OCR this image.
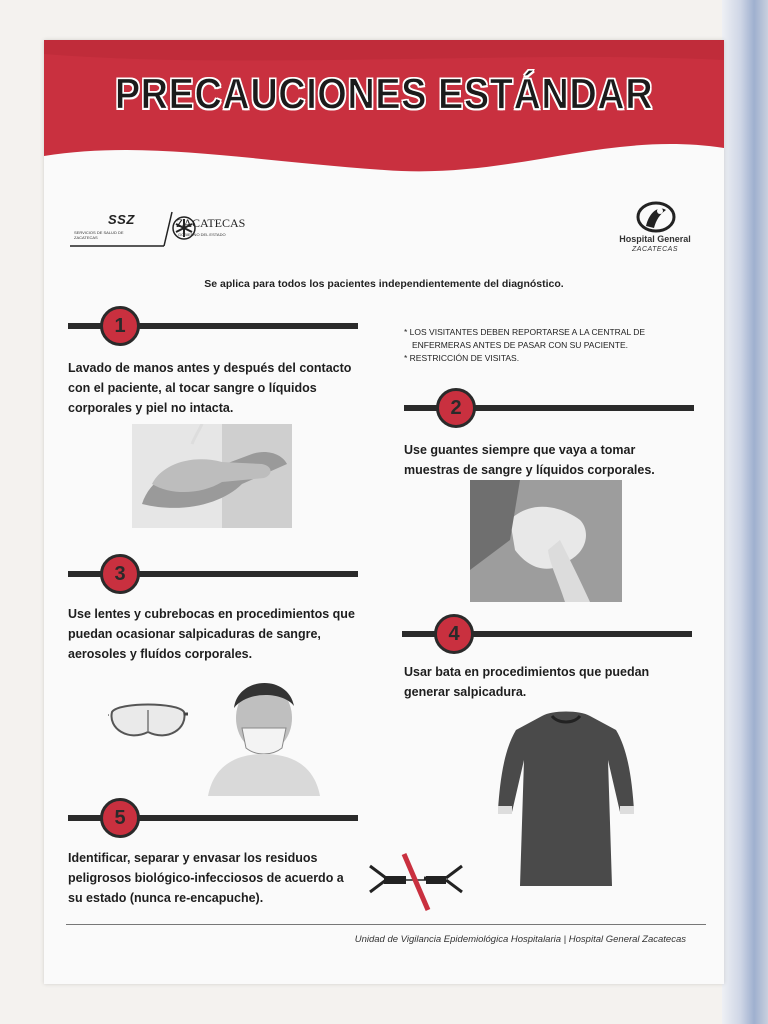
PRECAUCIONES ESTÁNDAR
SSZ
SERVICIOS DE SALUD DE ZACATECAS
ZACATECAS
GOBIERNO DEL ESTADO	Hospital General
ZACATECAS
Se aplica para todos los pacientes independientemente del diagnóstico.
* LOS VISITANTES DEBEN REPORTARSE A LA CENTRAL DE ENFERMERAS ANTES DE PASAR CON SU PACIENTE.
* RESTRICCIÓN DE VISITAS.
1
Lavado de manos antes y después del contacto
con el paciente, al tocar sangre o líquidos
corporales y piel no intacta.	2
Use guantes siempre que vaya a tomar
muestras de sangre y líquidos corporales.
3
Use lentes y cubrebocas en procedimientos que
puedan ocasionar salpicaduras de sangre,
aerosoles y fluídos corporales.
4
Usar bata en procedimientos que puedan
generar salpicadura.
5
Identificar, separar y envasar los residuos
peligrosos biológico-infecciosos de acuerdo a
su estado (nunca re-encapuche).
Unidad de Vigilancia Epidemiológica Hospitalaria | Hospital General Zacatecas
